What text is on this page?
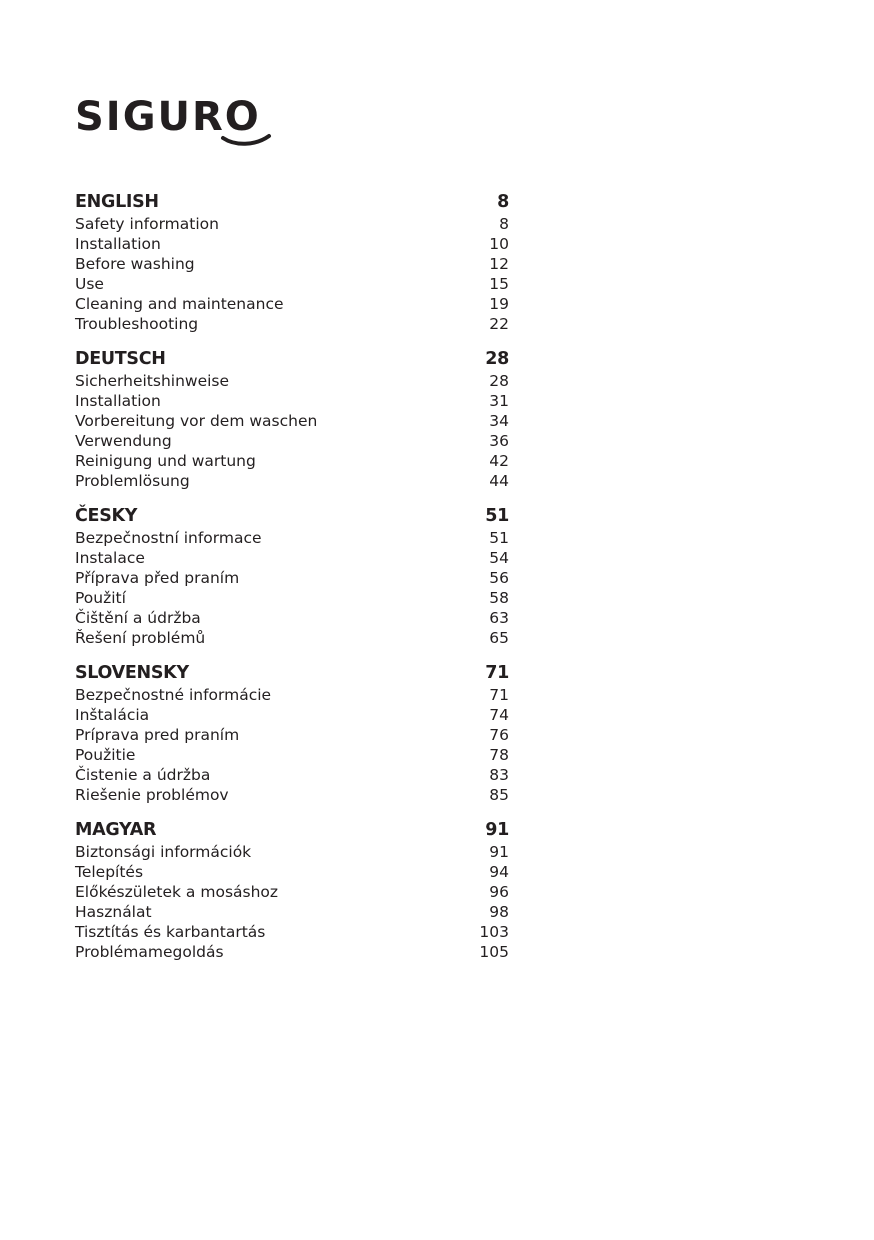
SIGURO
ENGLISH	8
Safety information	8
Installation	10
Before washing	12
Use	15
Cleaning and maintenance	19
Troubleshooting	22
DEUTSCH	28
Sicherheitshinweise	28
Installation	31
Vorbereitung vor dem waschen	34
Verwendung	36
Reinigung und wartung	42
Problemlösung	44
ČESKY	51
Bezpečnostní informace	51
Instalace	54
Příprava před praním	56
Použití	58
Čištění a údržba	63
Řešení problémů	65
SLOVENSKY	71
Bezpečnostné informácie	71
Inštalácia	74
Príprava pred praním	76
Použitie	78
Čistenie a údržba	83
Riešenie problémov	85
MAGYAR	91
Biztonsági információk	91
Telepítés	94
Előkészületek a mosáshoz	96
Használat	98
Tisztítás és karbantartás	103
Problémamegoldás	105
